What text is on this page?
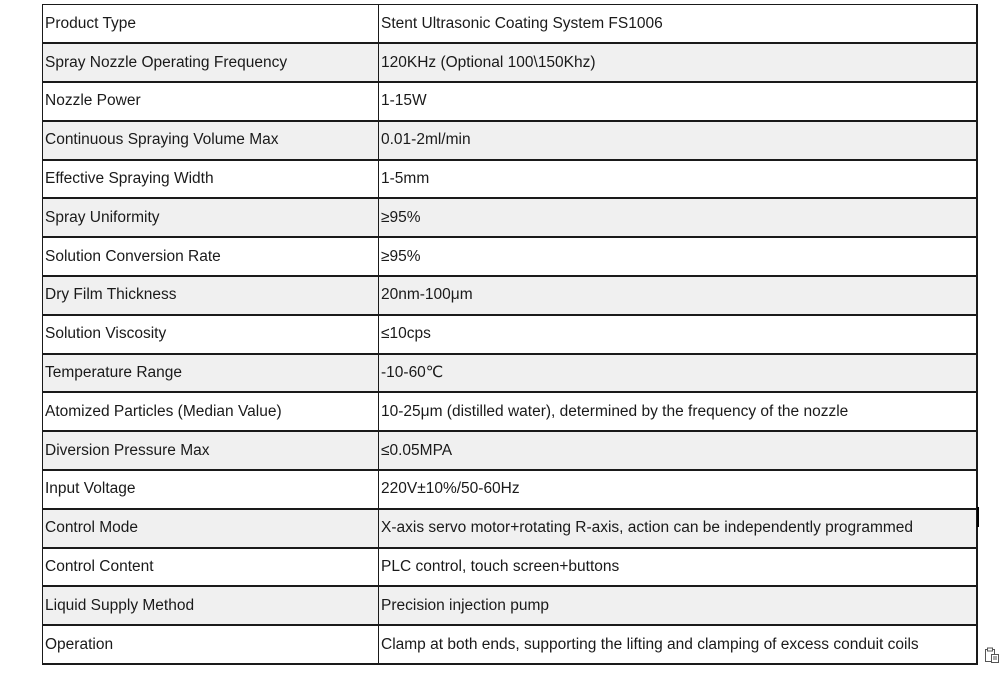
Product Type	Stent Ultrasonic Coating System FS1006
Spray Nozzle Operating Frequency	120KHz (Optional 100\150Khz)
Nozzle Power	1-15W
Continuous Spraying Volume Max	0.01-2ml/min
Effective Spraying Width	1-5mm
Spray Uniformity	≥95%
Solution Conversion Rate	≥95%
Dry Film Thickness	20nm-100μm
Solution Viscosity	≤10cps
Temperature Range	-10-60℃
Atomized Particles (Median Value)	10-25μm (distilled water), determined by the frequency of the nozzle
Diversion Pressure Max	≤0.05MPA
Input Voltage	220V±10%/50-60Hz
Control Mode	X-axis servo motor+rotating R-axis, action can be independently programmed
Control Content	PLC control, touch screen+buttons
Liquid Supply Method	Precision injection pump
Operation	Clamp at both ends, supporting the lifting and clamping of excess conduit coils
